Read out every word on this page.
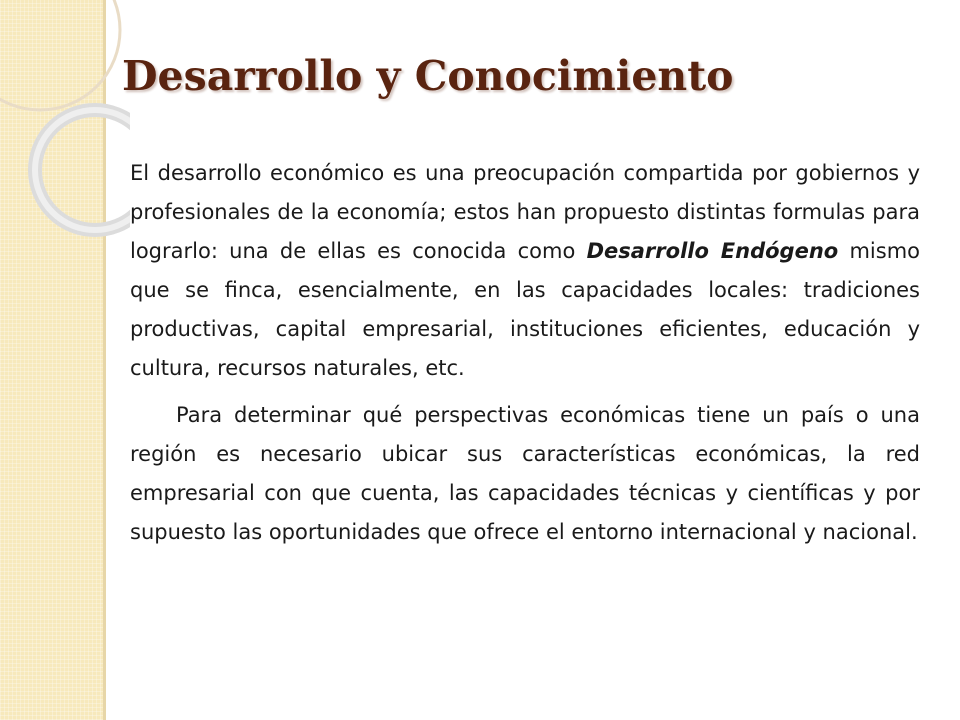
Desarrollo y Conocimiento

El desarrollo económico es una preocupación compartida por gobiernos y profesionales de la economía; estos han propuesto distintas formulas para lograrlo: una de ellas es conocida como Desarrollo Endógeno mismo que se finca, esencialmente, en las capacidades locales: tradiciones productivas, capital empresarial, instituciones eficientes, educación y cultura, recursos naturales, etc.

Para determinar qué perspectivas económicas tiene un país o una región es necesario ubicar sus características económicas, la red empresarial con que cuenta, las capacidades técnicas y científicas y por supuesto las oportunidades que ofrece el entorno internacional y nacional.
